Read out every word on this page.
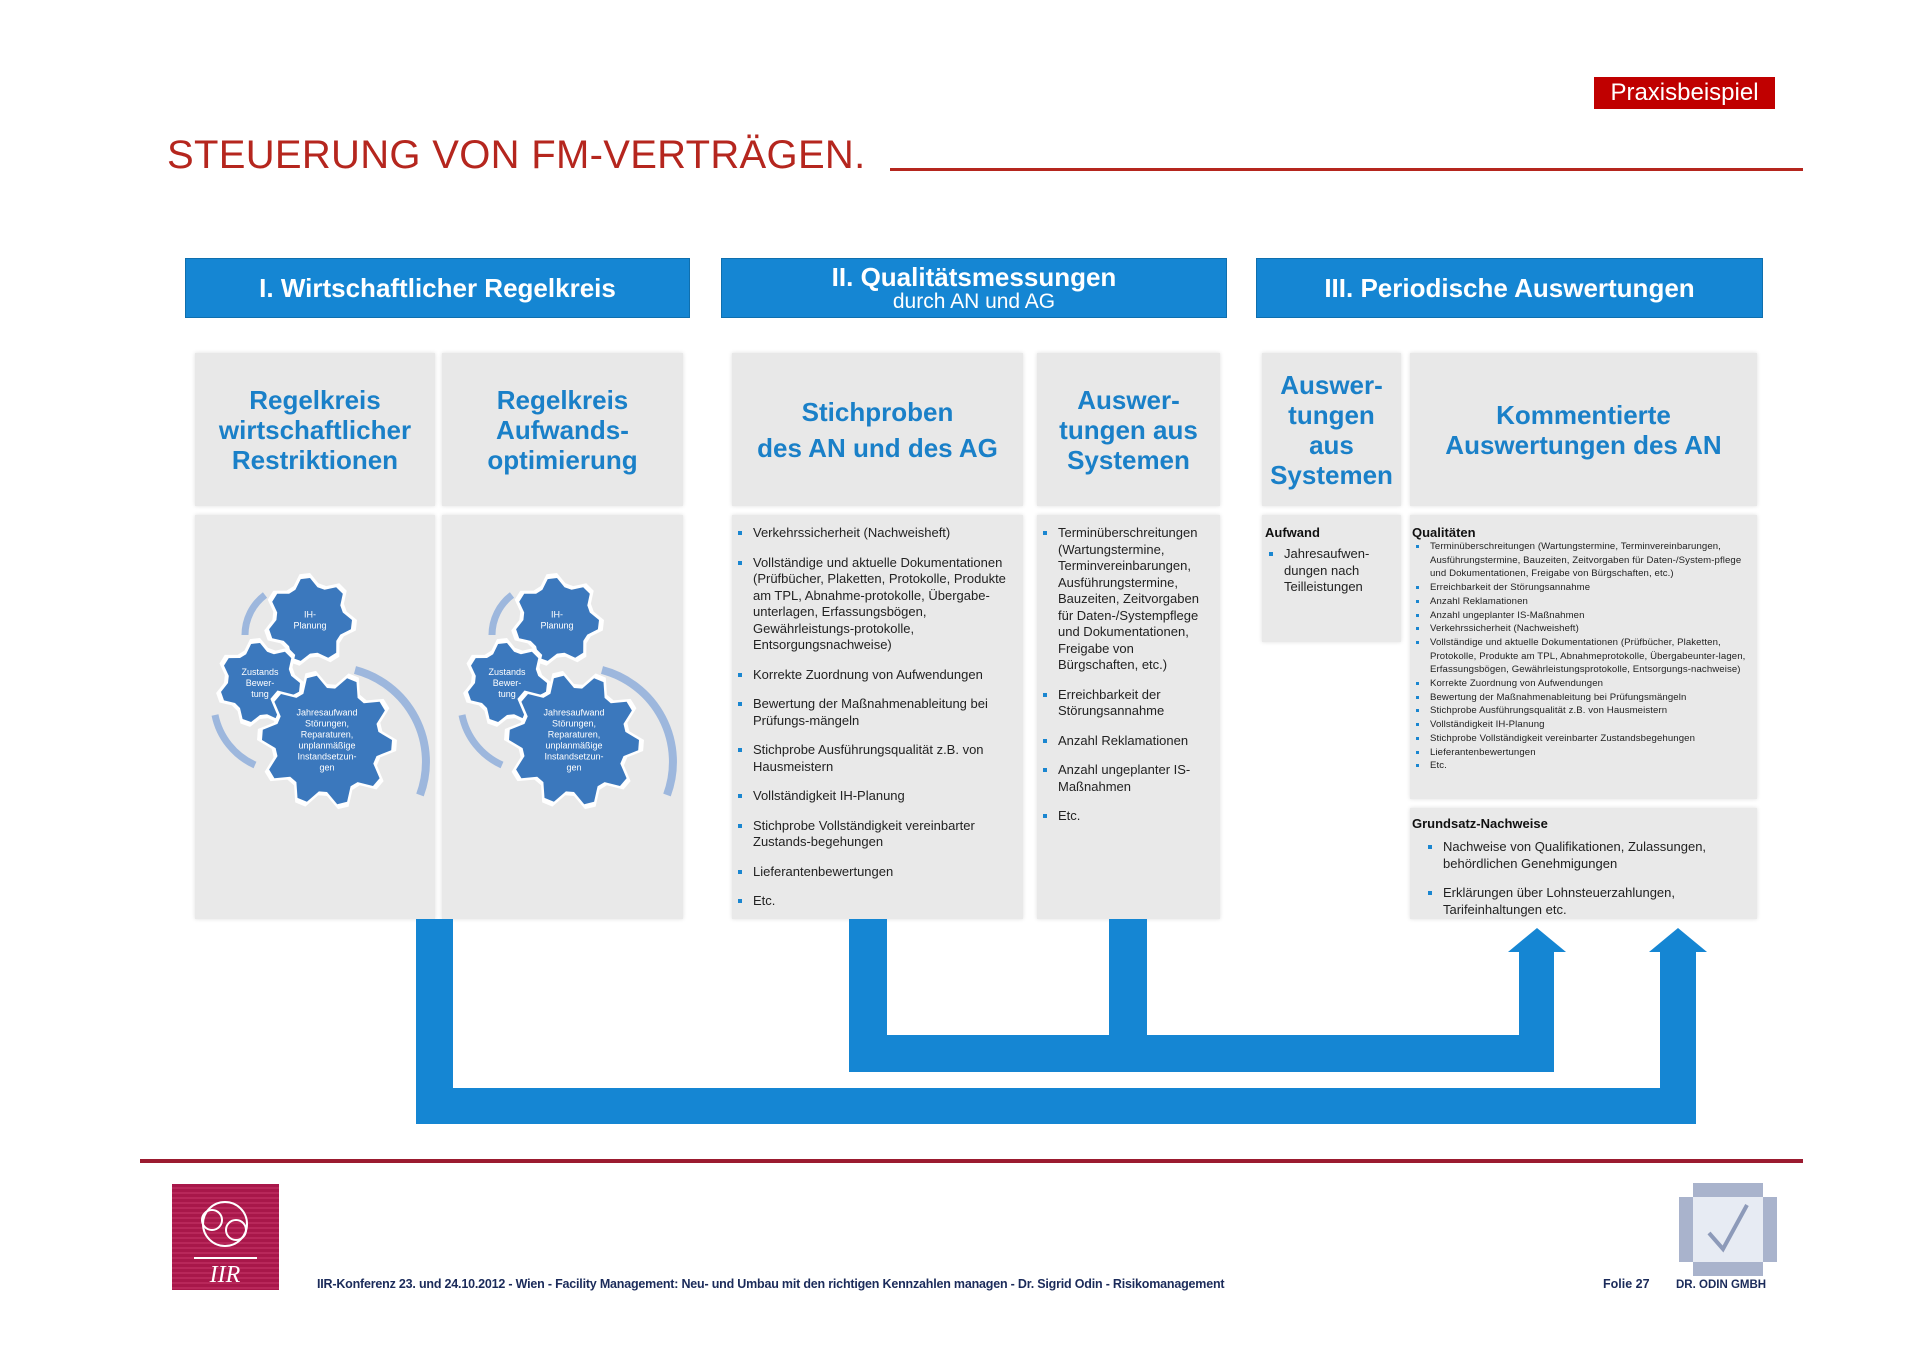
Praxisbeispiel
STEUERUNG VON FM-VERTRÄGEN.
I. Wirtschaftlicher Regelkreis	II. Qualitätsmessungen
durch AN und AG	III. Periodische Auswertungen
Regelkreis
wirtschaftlicher
Restriktionen
Regelkreis
Aufwands-
optimierung
Stichproben
des AN und des AG
Auswer-
tungen aus
Systemen
Auswer-
tungen
aus
Systemen
Kommentierte
Auswertungen des AN
IH-
Planung
Zustands
Bewer-
tung
Jahresaufwand
Störungen,
Reparaturen,
unplanmäßige
Instandsetzun-
gen
IH-
Planung
Zustands
Bewer-
tung
Jahresaufwand
Störungen,
Reparaturen,
unplanmäßige
Instandsetzun-
gen
Verkehrssicherheit (Nachweisheft)
Vollständige und aktuelle Dokumentationen (Prüfbücher, Plaketten, Protokolle, Produkte am TPL, Abnahme-protokolle, Übergabe-unterlagen, Erfassungsbögen, Gewährleistungs-protokolle, Entsorgungsnachweise)
Korrekte Zuordnung von Aufwendungen
Bewertung der Maßnahmenableitung bei Prüfungs-mängeln
Stichprobe Ausführungsqualität z.B. von Hausmeistern
Vollständigkeit IH-Planung
Stichprobe Vollständigkeit vereinbarter Zustands-begehungen
Lieferantenbewertungen
Etc.
Terminüberschreitungen (Wartungstermine, Terminvereinbarungen, Ausführungstermine, Bauzeiten, Zeitvorgaben für Daten-/Systempflege und Dokumentationen, Freigabe von Bürgschaften, etc.)
Erreichbarkeit der Störungsannahme
Anzahl Reklamationen
Anzahl ungeplanter IS-Maßnahmen
Etc.
Aufwand
Jahresaufwen-dungen nach Teilleistungen
Qualitäten
Terminüberschreitungen (Wartungstermine, Terminvereinbarungen, Ausführungstermine, Bauzeiten, Zeitvorgaben für Daten-/System-pflege und Dokumentationen, Freigabe von Bürgschaften, etc.)
Erreichbarkeit der Störungsannahme
Anzahl Reklamationen
Anzahl ungeplanter IS-Maßnahmen
Verkehrssicherheit (Nachweisheft)
Vollständige und aktuelle Dokumentationen (Prüfbücher, Plaketten, Protokolle, Produkte am TPL, Abnahmeprotokolle, Übergabeunter-lagen, Erfassungsbögen, Gewährleistungsprotokolle, Entsorgungs-nachweise)
Korrekte Zuordnung von Aufwendungen
Bewertung der Maßnahmenableitung bei Prüfungsmängeln
Stichprobe Ausführungsqualität z.B. von Hausmeistern
Vollständigkeit IH-Planung
Stichprobe Vollständigkeit vereinbarter Zustandsbegehungen
Lieferantenbewertungen
Etc.
Grundsatz-Nachweise
Nachweise von Qualifikationen, Zulassungen, behördlichen Genehmigungen
Erklärungen über Lohnsteuerzahlungen, Tarifeinhaltungen etc.
IIR	IIR-Konferenz 23. und 24.10.2012 - Wien - Facility Management: Neu- und Umbau mit den richtigen Kennzahlen managen - Dr. Sigrid Odin - Risikomanagement	Folie 27 DR. ODIN GMBH
